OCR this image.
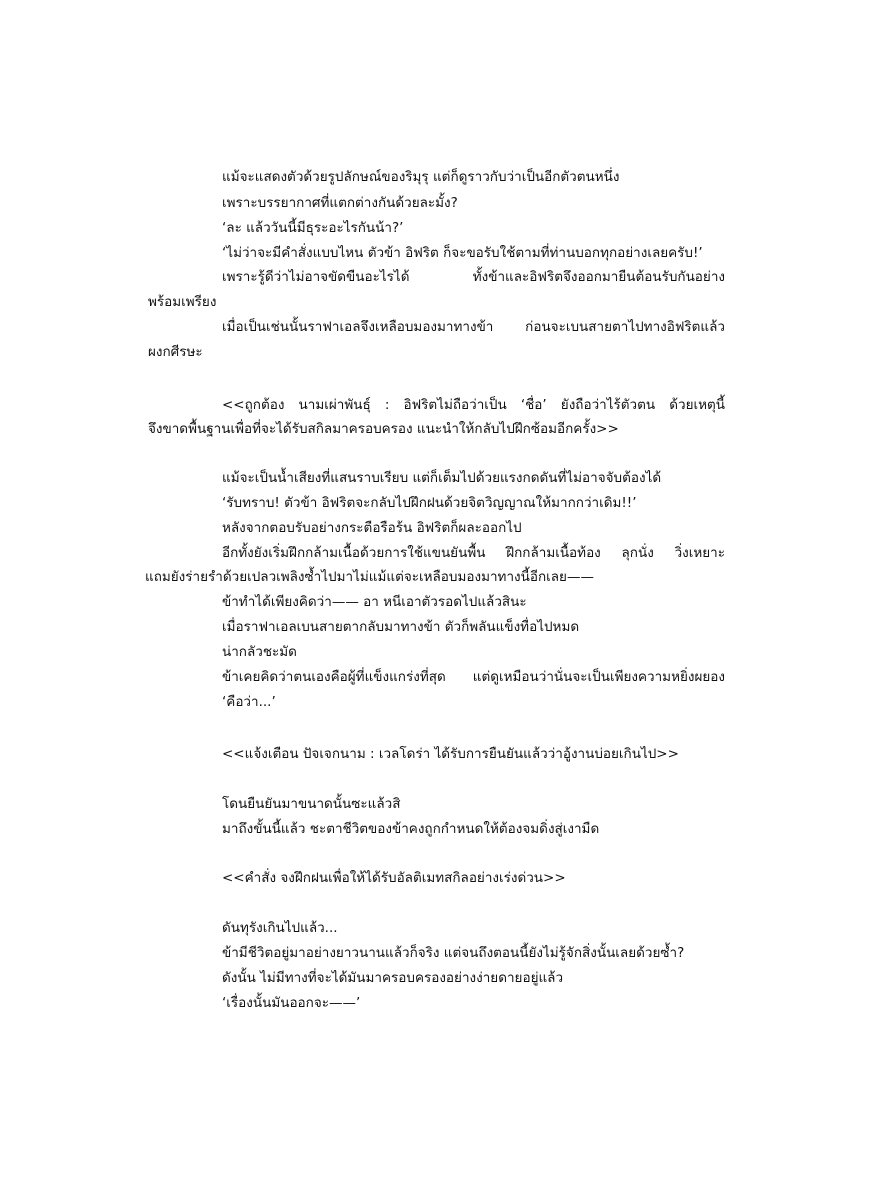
แม้จะแสดงตัวด้วยรูปลักษณ์ของริมุรุ แต่ก็ดูราวกับว่าเป็นอีกตัวตนหนึ่ง

เพราะบรรยากาศที่แตกต่างกันด้วยละมั้ง?

‘ละ แล้ววันนี้มีธุระอะไรกันน้า?’

‘ไม่ว่าจะมีคำสั่งแบบไหน ตัวข้า อิฟริต ก็จะขอรับใช้ตามที่ท่านบอกทุกอย่างเลยครับ!’

เพราะรู้ดีว่าไม่อาจขัดขืนอะไรได้ ทั้งข้าและอิฟริตจึงออกมายืนต้อนรับกันอย่าง

พร้อมเพรียง

เมื่อเป็นเช่นนั้นราฟาเอลจึงเหลือบมองมาทางข้า ก่อนจะเบนสายตาไปทางอิฟริตแล้ว

ผงกศีรษะ

<<ถูกต้อง นามเผ่าพันธุ์ : อิฟริตไม่ถือว่าเป็น ‘ชื่อ’ ยังถือว่าไร้ตัวตน ด้วยเหตุนี้

จึงขาดพื้นฐานเพื่อที่จะได้รับสกิลมาครอบครอง แนะนำให้กลับไปฝึกซ้อมอีกครั้ง>>

แม้จะเป็นน้ำเสียงที่แสนราบเรียบ แต่ก็เต็มไปด้วยแรงกดดันที่ไม่อาจจับต้องได้

‘รับทราบ! ตัวข้า อิฟริตจะกลับไปฝึกฝนด้วยจิตวิญญาณให้มากกว่าเดิม!!’

หลังจากตอบรับอย่างกระตือรือร้น อิฟริตก็ผละออกไป

อีกทั้งยังเริ่มฝึกกล้ามเนื้อด้วยการใช้แขนยันพื้น ฝึกกล้ามเนื้อท้อง ลุกนั่ง วิ่งเหยาะ

แถมยังร่ายรำด้วยเปลวเพลิงซ้ำไปมาไม่แม้แต่จะเหลือบมองมาทางนี้อีกเลย——

ข้าทำได้เพียงคิดว่า—— อา หนีเอาตัวรอดไปแล้วสินะ

เมื่อราฟาเอลเบนสายตากลับมาทางข้า ตัวก็พลันแข็งทื่อไปหมด

น่ากลัวชะมัด

ข้าเคยคิดว่าตนเองคือผู้ที่แข็งแกร่งที่สุด แต่ดูเหมือนว่านั่นจะเป็นเพียงความหยิ่งผยอง

‘คือว่า...’

<<แจ้งเตือน ปัจเจกนาม : เวลโดร่า ได้รับการยืนยันแล้วว่าอู้งานบ่อยเกินไป>>

โดนยืนยันมาขนาดนั้นซะแล้วสิ

มาถึงขั้นนี้แล้ว ชะตาชีวิตของข้าคงถูกกำหนดให้ต้องจมดิ่งสู่เงามืด

<<คำสั่ง จงฝึกฝนเพื่อให้ได้รับอัลติเมทสกิลอย่างเร่งด่วน>>

ดันทุรังเกินไปแล้ว...

ข้ามีชีวิตอยู่มาอย่างยาวนานแล้วก็จริง แต่จนถึงตอนนี้ยังไม่รู้จักสิ่งนั้นเลยด้วยซ้ำ?

ดังนั้น ไม่มีทางที่จะได้มันมาครอบครองอย่างง่ายดายอยู่แล้ว

‘เรื่องนั้นมันออกจะ——’
